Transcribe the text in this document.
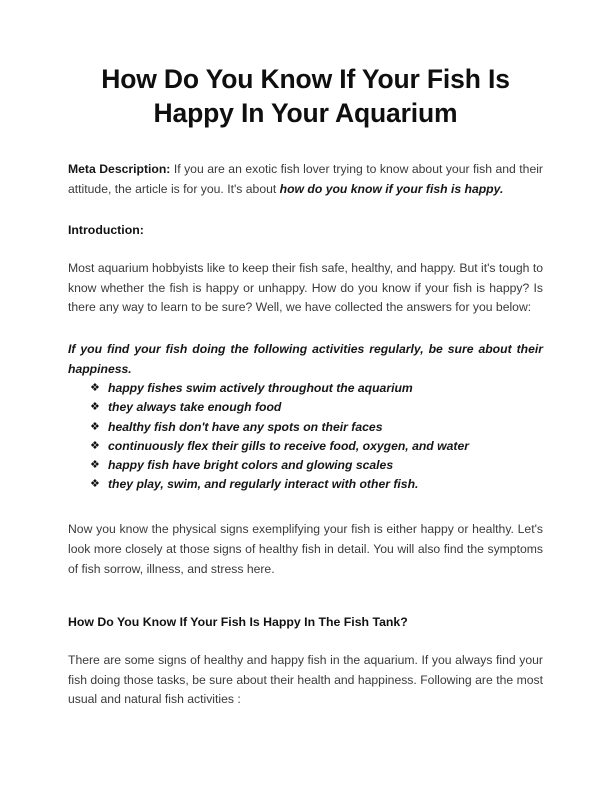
How Do You Know If Your Fish Is Happy In Your Aquarium

Meta Description: If you are an exotic fish lover trying to know about your fish and their attitude, the article is for you. It's about how do you know if your fish is happy.

Introduction:

Most aquarium hobbyists like to keep their fish safe, healthy, and happy. But it's tough to know whether the fish is happy or unhappy. How do you know if your fish is happy? Is there any way to learn to be sure? Well, we have collected the answers for you below:

If you find your fish doing the following activities regularly, be sure about their happiness.

❖ happy fishes swim actively throughout the aquarium
❖ they always take enough food
❖ healthy fish don't have any spots on their faces
❖ continuously flex their gills to receive food, oxygen, and water
❖ happy fish have bright colors and glowing scales
❖ they play, swim, and regularly interact with other fish.

Now you know the physical signs exemplifying your fish is either happy or healthy. Let's look more closely at those signs of healthy fish in detail. You will also find the symptoms of fish sorrow, illness, and stress here.

How Do You Know If Your Fish Is Happy In The Fish Tank?

There are some signs of healthy and happy fish in the aquarium. If you always find your fish doing those tasks, be sure about their health and happiness. Following are the most usual and natural fish activities :
